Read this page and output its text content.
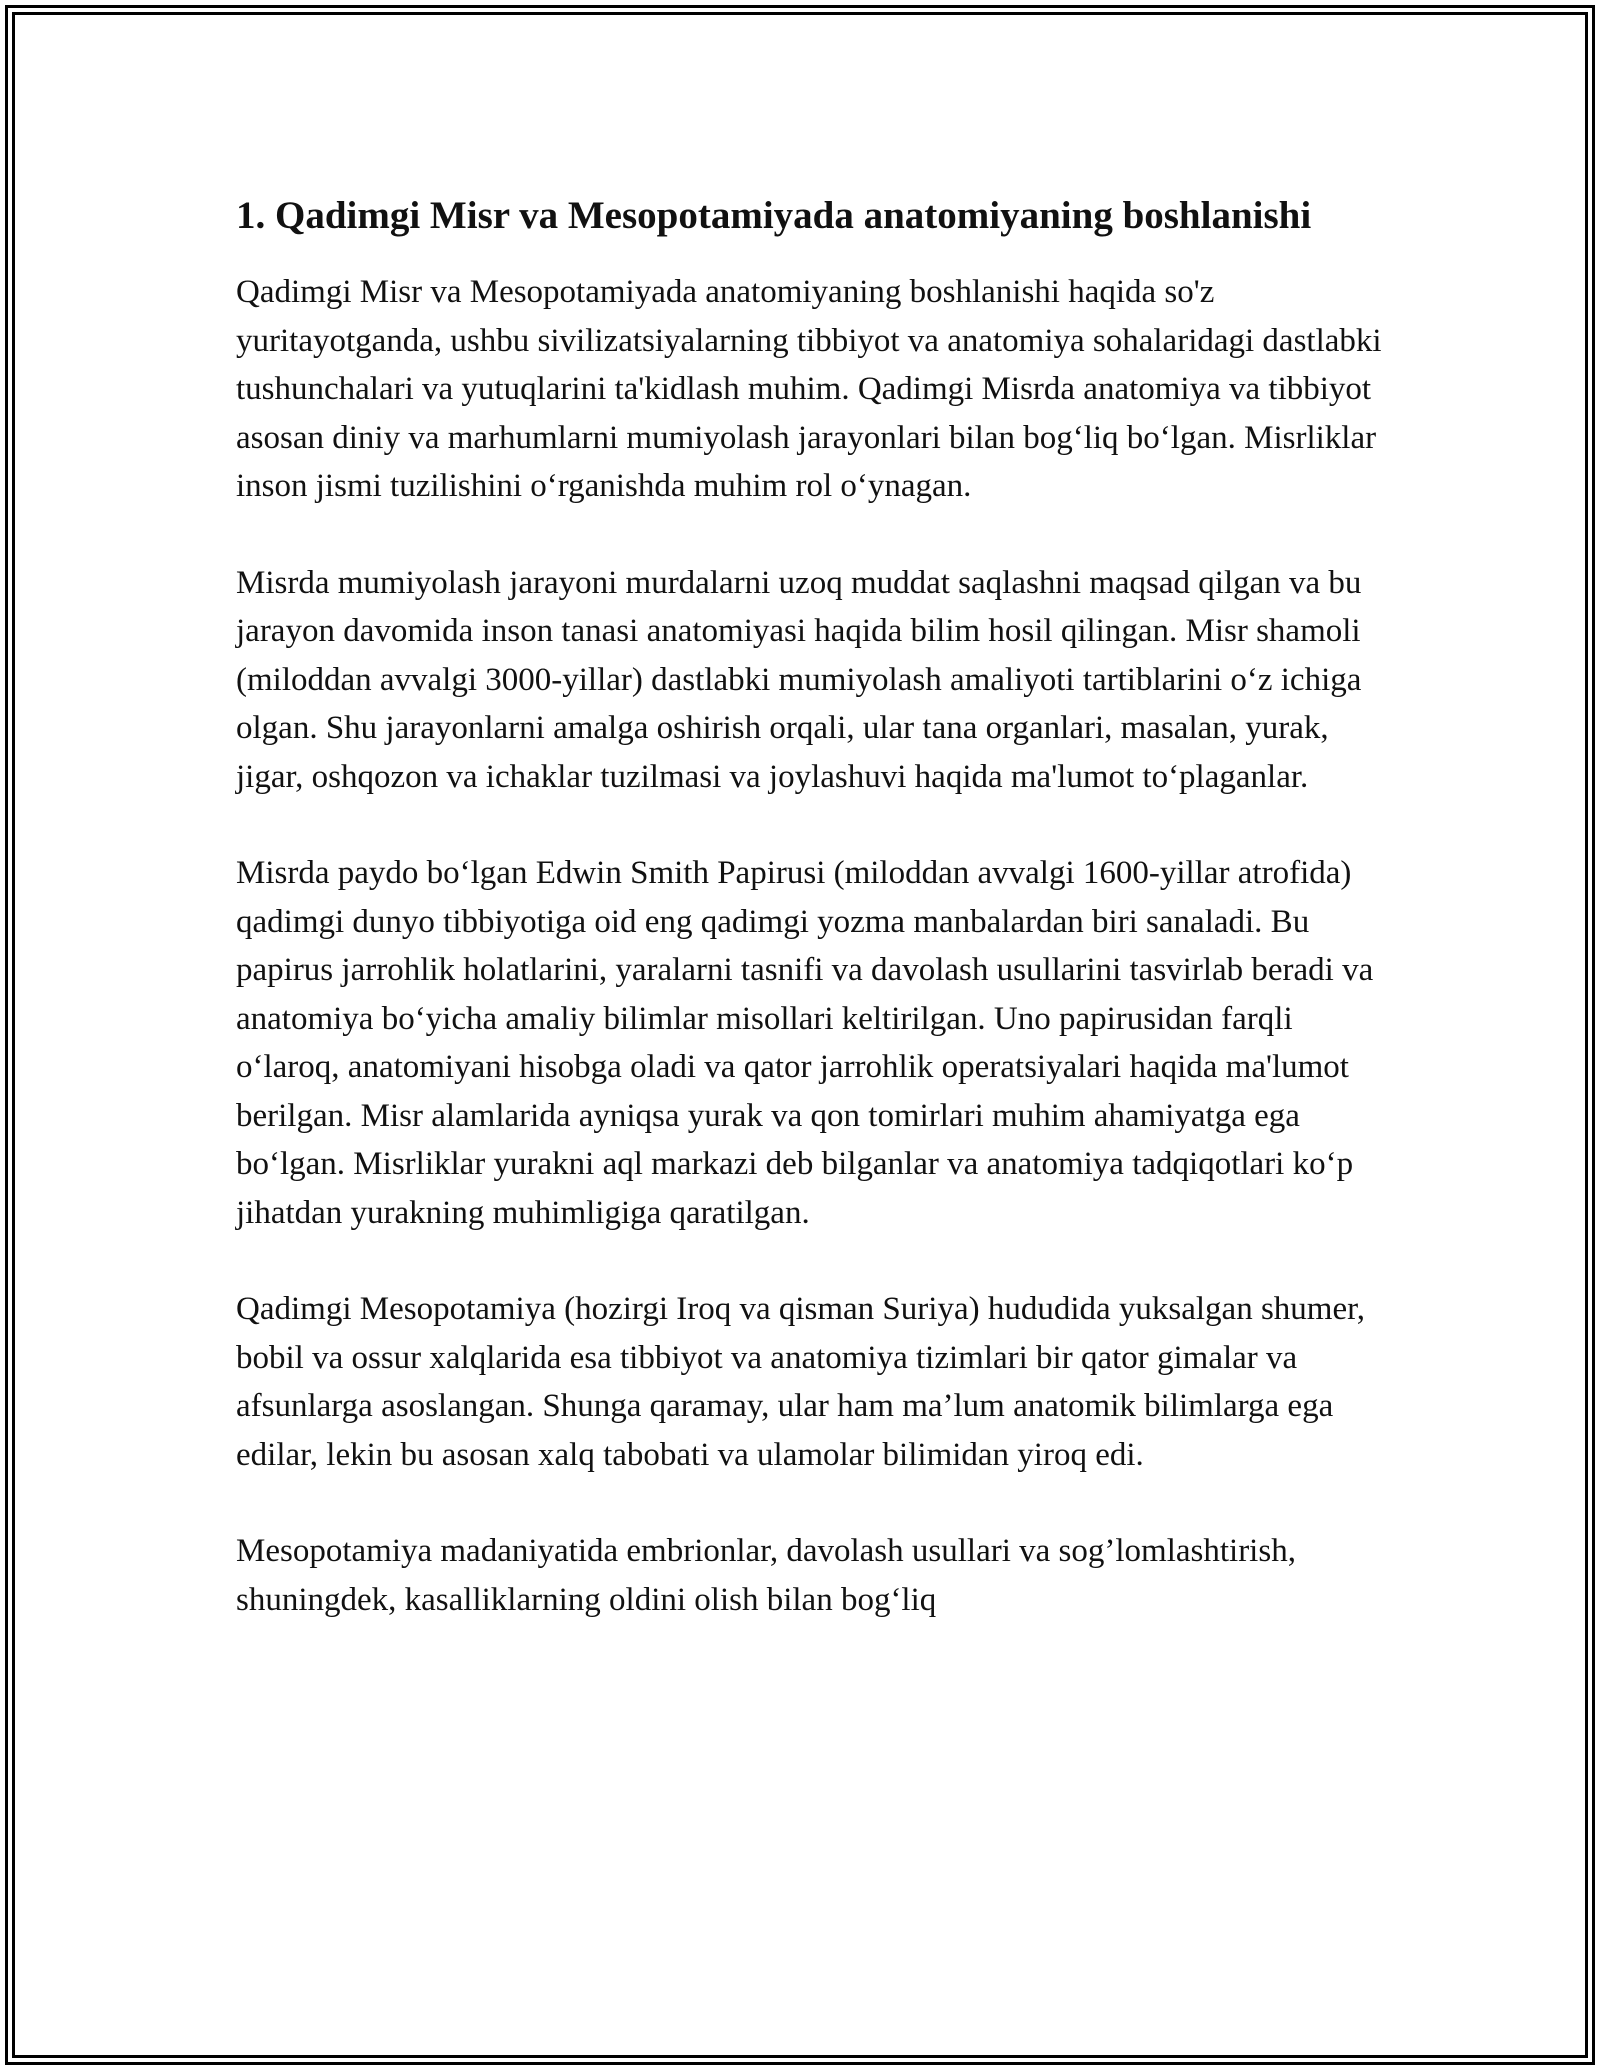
1. Qadimgi Misr va Mesopotamiyada anatomiyaning boshlanishi

Qadimgi Misr va Mesopotamiyada anatomiyaning boshlanishi haqida so'z yuritayotganda, ushbu sivilizatsiyalarning tibbiyot va anatomiya sohalaridagi dastlabki tushunchalari va yutuqlarini ta'kidlash muhim. Qadimgi Misrda anatomiya va tibbiyot asosan diniy va marhumlarni mumiyolash jarayonlari bilan bog‘liq bo‘lgan. Misrliklar inson jismi tuzilishini o‘rganishda muhim rol o‘ynagan.

Misrda mumiyolash jarayoni murdalarni uzoq muddat saqlashni maqsad qilgan va bu jarayon davomida inson tanasi anatomiyasi haqida bilim hosil qilingan. Misr shamoli (miloddan avvalgi 3000-yillar) dastlabki mumiyolash amaliyoti tartiblarini o‘z ichiga olgan. Shu jarayonlarni amalga oshirish orqali, ular tana organlari, masalan, yurak, jigar, oshqozon va ichaklar tuzilmasi va joylashuvi haqida ma'lumot to‘plaganlar.

Misrda paydo bo‘lgan Edwin Smith Papirusi (miloddan avvalgi 1600-yillar atrofida) qadimgi dunyo tibbiyotiga oid eng qadimgi yozma manbalardan biri sanaladi. Bu papirus jarrohlik holatlarini, yaralarni tasnifi va davolash usullarini tasvirlab beradi va anatomiya bo‘yicha amaliy bilimlar misollari keltirilgan. Uno papirusidan farqli o‘laroq, anatomiyani hisobga oladi va qator jarrohlik operatsiyalari haqida ma'lumot berilgan. Misr alamlarida ayniqsa yurak va qon tomirlari muhim ahamiyatga ega bo‘lgan. Misrliklar yurakni aql markazi deb bilganlar va anatomiya tadqiqotlari ko‘p jihatdan yurakning muhimligiga qaratilgan.

Qadimgi Mesopotamiya (hozirgi Iroq va qisman Suriya) hududida yuksalgan shumer, bobil va ossur xalqlarida esa tibbiyot va anatomiya tizimlari bir qator gimalar va afsunlarga asoslangan. Shunga qaramay, ular ham ma’lum anatomik bilimlarga ega edilar, lekin bu asosan xalq tabobati va ulamolar bilimidan yiroq edi.

Mesopotamiya madaniyatida embrionlar, davolash usullari va sog’lomlashtirish, shuningdek, kasalliklarning oldini olish bilan bog‘liq
